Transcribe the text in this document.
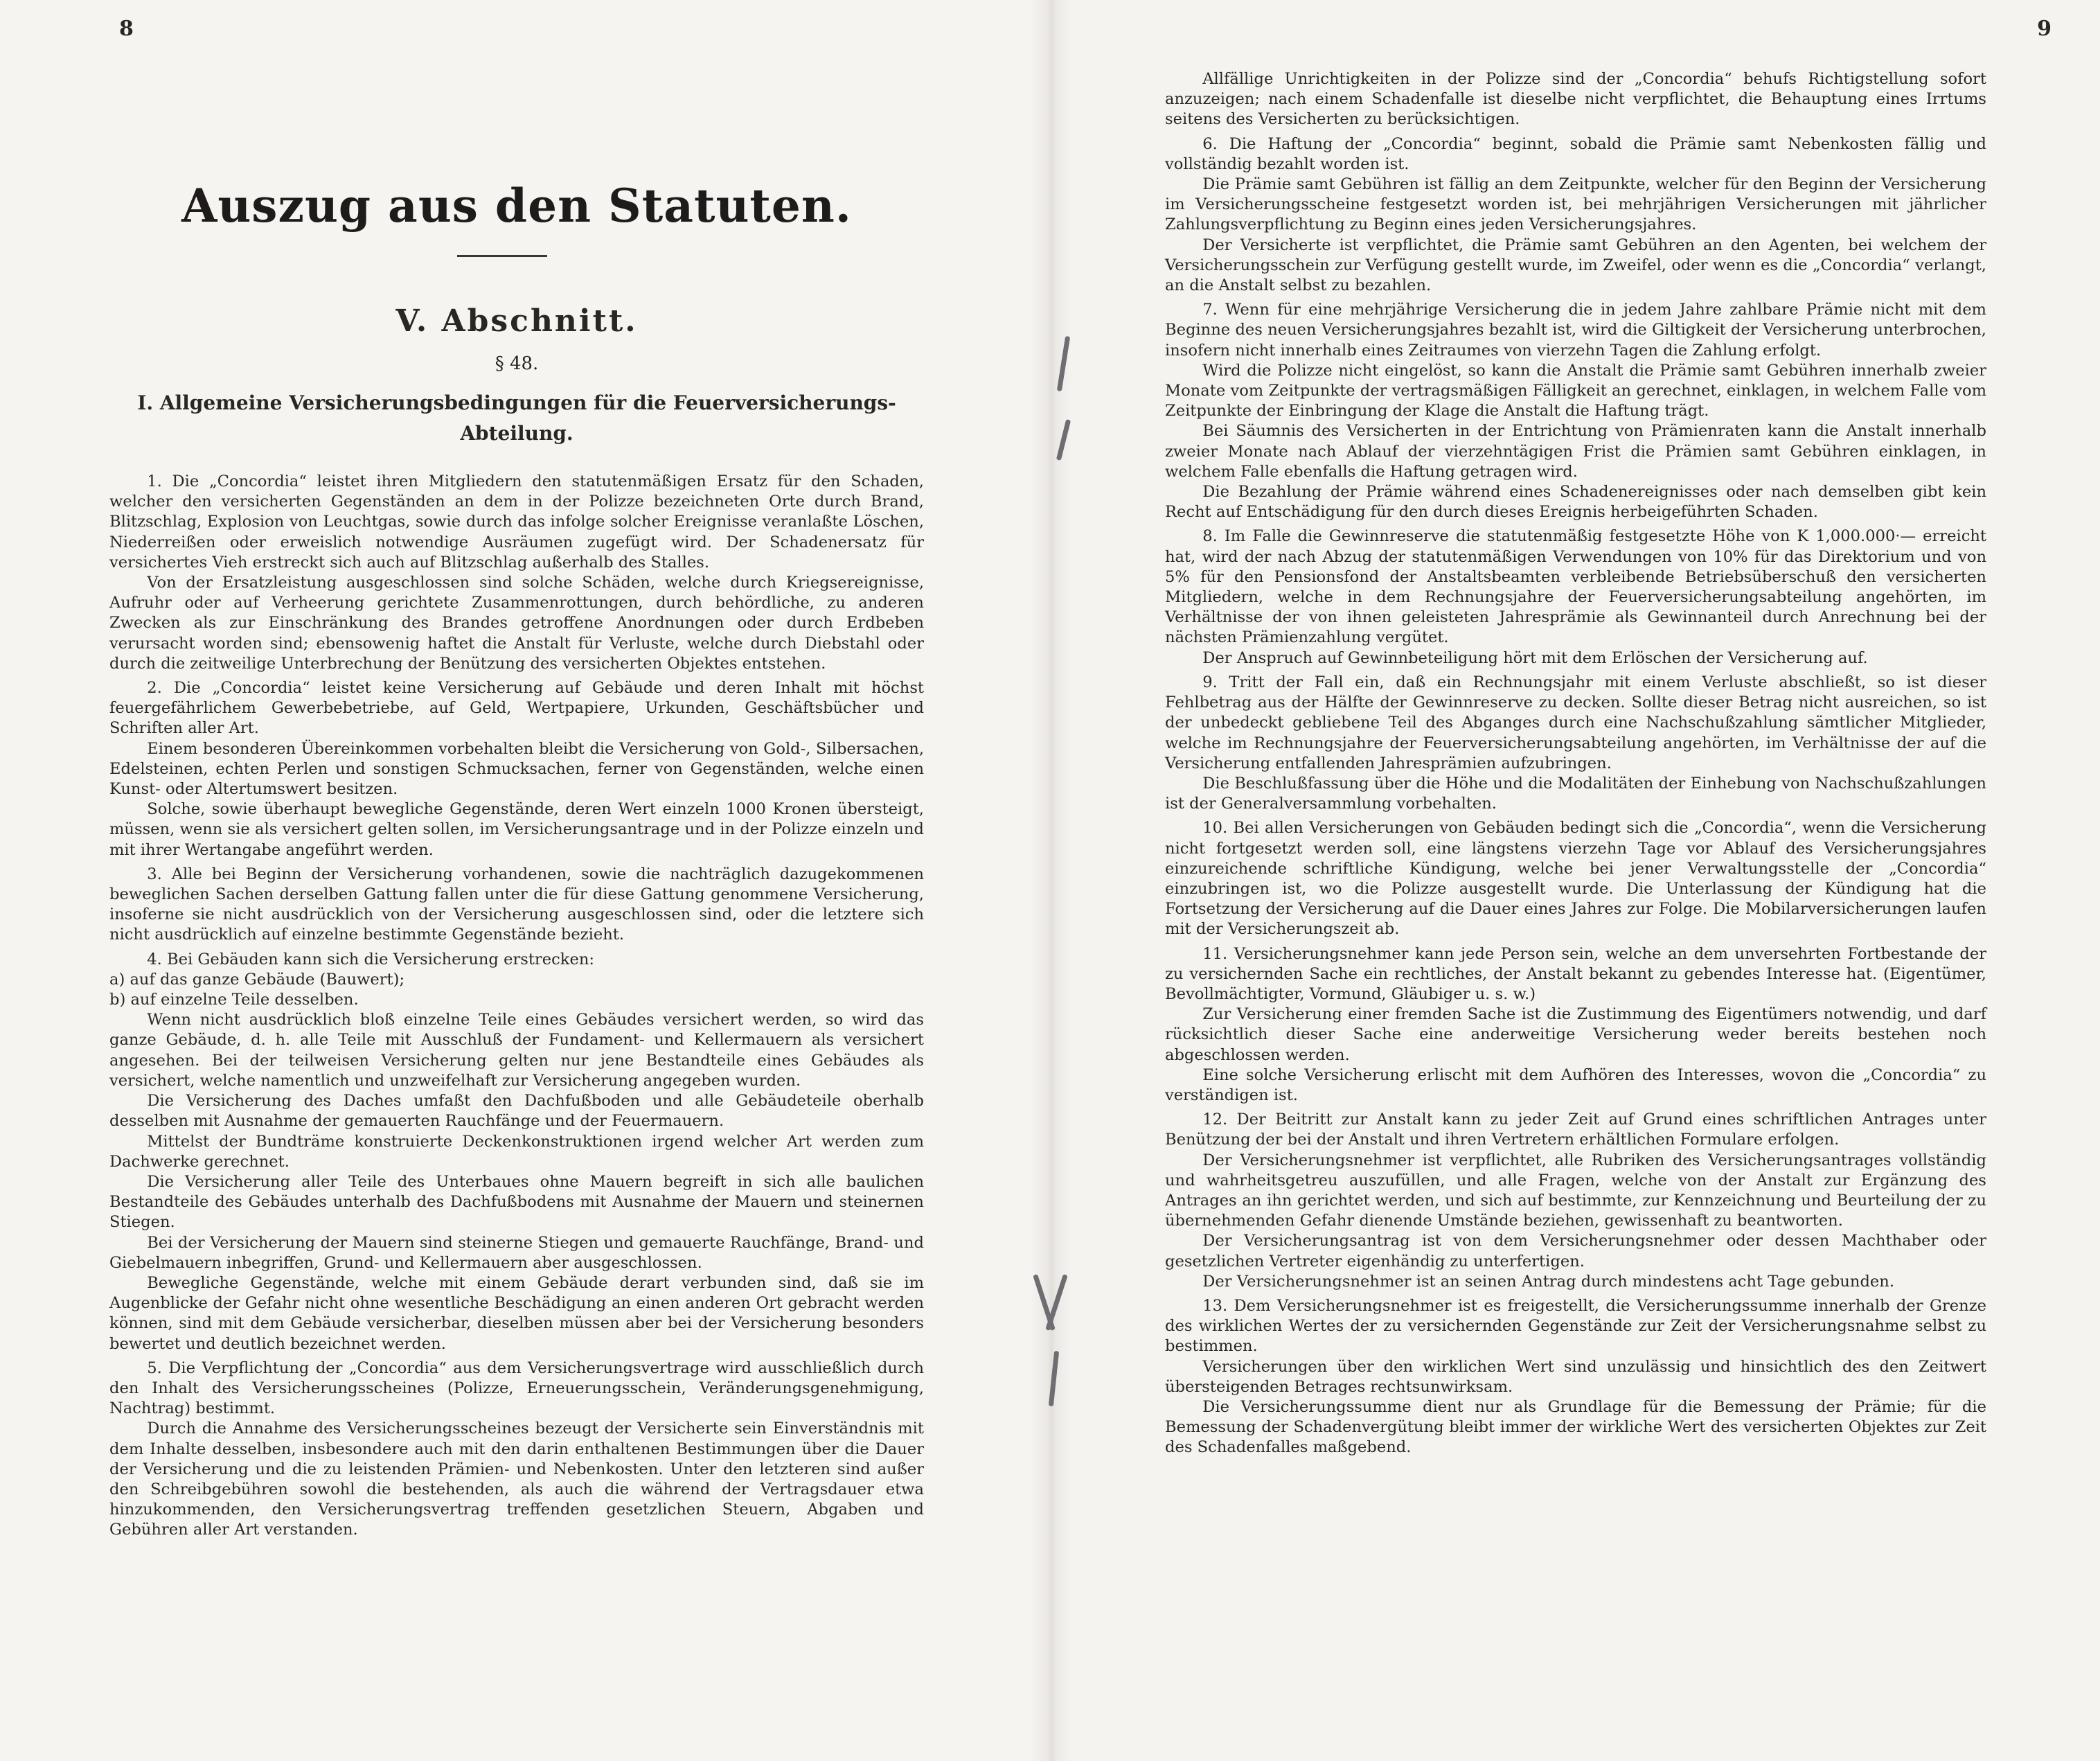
8
Auszug aus den Statuten.
V. Abschnitt.
§ 48.
I. Allgemeine Versicherungsbedingungen für die Feuerversicherungs-Abteilung.

1. Die „Concordia“ leistet ihren Mitgliedern den statutenmäßigen Ersatz für den Schaden, welcher den versicherten Gegenständen an dem in der Polizze bezeichneten Orte durch Brand, Blitzschlag, Explosion von Leuchtgas, sowie durch das infolge solcher Ereignisse veranlaßte Löschen, Niederreißen oder erweislich notwendige Ausräumen zugefügt wird. Der Schadenersatz für versichertes Vieh erstreckt sich auch auf Blitzschlag außerhalb des Stalles.

Von der Ersatzleistung ausgeschlossen sind solche Schäden, welche durch Kriegsereignisse, Aufruhr oder auf Verheerung gerichtete Zusammenrottungen, durch behördliche, zu anderen Zwecken als zur Einschränkung des Brandes getroffene Anordnungen oder durch Erdbeben verursacht worden sind; ebensowenig haftet die Anstalt für Verluste, welche durch Diebstahl oder durch die zeitweilige Unterbrechung der Benützung des versicherten Objektes entstehen.

2. Die „Concordia“ leistet keine Versicherung auf Gebäude und deren Inhalt mit höchst feuergefährlichem Gewerbebetriebe, auf Geld, Wertpapiere, Urkunden, Geschäftsbücher und Schriften aller Art.

Einem besonderen Übereinkommen vorbehalten bleibt die Versicherung von Gold-, Silbersachen, Edelsteinen, echten Perlen und sonstigen Schmucksachen, ferner von Gegenständen, welche einen Kunst- oder Altertumswert besitzen.

Solche, sowie überhaupt bewegliche Gegenstände, deren Wert einzeln 1000 Kronen übersteigt, müssen, wenn sie als versichert gelten sollen, im Versicherungsantrage und in der Polizze einzeln und mit ihrer Wertangabe angeführt werden.

3. Alle bei Beginn der Versicherung vorhandenen, sowie die nachträglich dazugekommenen beweglichen Sachen derselben Gattung fallen unter die für diese Gattung genommene Versicherung, insoferne sie nicht ausdrücklich von der Versicherung ausgeschlossen sind, oder die letztere sich nicht ausdrücklich auf einzelne bestimmte Gegenstände bezieht.

4. Bei Gebäuden kann sich die Versicherung erstrecken:

a) auf das ganze Gebäude (Bauwert);

b) auf einzelne Teile desselben.

Wenn nicht ausdrücklich bloß einzelne Teile eines Gebäudes versichert werden, so wird das ganze Gebäude, d. h. alle Teile mit Ausschluß der Fundament- und Kellermauern als versichert angesehen. Bei der teilweisen Versicherung gelten nur jene Bestandteile eines Gebäudes als versichert, welche namentlich und unzweifelhaft zur Versicherung angegeben wurden.

Die Versicherung des Daches umfaßt den Dachfußboden und alle Gebäudeteile oberhalb desselben mit Ausnahme der gemauerten Rauchfänge und der Feuermauern.

Mittelst der Bundträme konstruierte Deckenkonstruktionen irgend welcher Art werden zum Dachwerke gerechnet.

Die Versicherung aller Teile des Unterbaues ohne Mauern begreift in sich alle baulichen Bestandteile des Gebäudes unterhalb des Dachfußbodens mit Ausnahme der Mauern und steinernen Stiegen.

Bei der Versicherung der Mauern sind steinerne Stiegen und gemauerte Rauchfänge, Brand- und Giebelmauern inbegriffen, Grund- und Kellermauern aber ausgeschlossen.

Bewegliche Gegenstände, welche mit einem Gebäude derart verbunden sind, daß sie im Augenblicke der Gefahr nicht ohne wesentliche Beschädigung an einen anderen Ort gebracht werden können, sind mit dem Gebäude versicherbar, dieselben müssen aber bei der Versicherung besonders bewertet und deutlich bezeichnet werden.

5. Die Verpflichtung der „Concordia“ aus dem Versicherungsvertrage wird ausschließlich durch den Inhalt des Versicherungsscheines (Polizze, Erneuerungsschein, Veränderungsgenehmigung, Nachtrag) bestimmt.

Durch die Annahme des Versicherungsscheines bezeugt der Versicherte sein Einverständnis mit dem Inhalte desselben, insbesondere auch mit den darin enthaltenen Bestimmungen über die Dauer der Versicherung und die zu leistenden Prämien- und Nebenkosten. Unter den letzteren sind außer den Schreibgebühren sowohl die bestehenden, als auch die während der Vertragsdauer etwa hinzukommenden, den Versicherungsvertrag treffenden gesetzlichen Steuern, Abgaben und Gebühren aller Art verstanden.

9

Allfällige Unrichtigkeiten in der Polizze sind der „Concordia“ behufs Richtigstellung sofort anzuzeigen; nach einem Schadenfalle ist dieselbe nicht verpflichtet, die Behauptung eines Irrtums seitens des Versicherten zu berücksichtigen.

6. Die Haftung der „Concordia“ beginnt, sobald die Prämie samt Nebenkosten fällig und vollständig bezahlt worden ist.

Die Prämie samt Gebühren ist fällig an dem Zeitpunkte, welcher für den Beginn der Versicherung im Versicherungsscheine festgesetzt worden ist, bei mehrjährigen Versicherungen mit jährlicher Zahlungsverpflichtung zu Beginn eines jeden Versicherungsjahres.

Der Versicherte ist verpflichtet, die Prämie samt Gebühren an den Agenten, bei welchem der Versicherungsschein zur Verfügung gestellt wurde, im Zweifel, oder wenn es die „Concordia“ verlangt, an die Anstalt selbst zu bezahlen.

7. Wenn für eine mehrjährige Versicherung die in jedem Jahre zahlbare Prämie nicht mit dem Beginne des neuen Versicherungsjahres bezahlt ist, wird die Giltigkeit der Versicherung unterbrochen, insofern nicht innerhalb eines Zeitraumes von vierzehn Tagen die Zahlung erfolgt.

Wird die Polizze nicht eingelöst, so kann die Anstalt die Prämie samt Gebühren innerhalb zweier Monate vom Zeitpunkte der vertragsmäßigen Fälligkeit an gerechnet, einklagen, in welchem Falle vom Zeitpunkte der Einbringung der Klage die Anstalt die Haftung trägt.

Bei Säumnis des Versicherten in der Entrichtung von Prämienraten kann die Anstalt innerhalb zweier Monate nach Ablauf der vierzehntägigen Frist die Prämien samt Gebühren einklagen, in welchem Falle ebenfalls die Haftung getragen wird.

Die Bezahlung der Prämie während eines Schadenereignisses oder nach demselben gibt kein Recht auf Entschädigung für den durch dieses Ereignis herbeigeführten Schaden.

8. Im Falle die Gewinnreserve die statutenmäßig festgesetzte Höhe von K 1,000.000·— erreicht hat, wird der nach Abzug der statutenmäßigen Verwendungen von 10% für das Direktorium und von 5% für den Pensionsfond der Anstaltsbeamten verbleibende Betriebsüberschuß den versicherten Mitgliedern, welche in dem Rechnungsjahre der Feuerversicherungsabteilung angehörten, im Verhältnisse der von ihnen geleisteten Jahresprämie als Gewinnanteil durch Anrechnung bei der nächsten Prämienzahlung vergütet.

Der Anspruch auf Gewinnbeteiligung hört mit dem Erlöschen der Versicherung auf.

9. Tritt der Fall ein, daß ein Rechnungsjahr mit einem Verluste abschließt, so ist dieser Fehlbetrag aus der Hälfte der Gewinnreserve zu decken. Sollte dieser Betrag nicht ausreichen, so ist der unbedeckt gebliebene Teil des Abganges durch eine Nachschußzahlung sämtlicher Mitglieder, welche im Rechnungsjahre der Feuerversicherungsabteilung angehörten, im Verhältnisse der auf die Versicherung entfallenden Jahresprämien aufzubringen.

Die Beschlußfassung über die Höhe und die Modalitäten der Einhebung von Nachschußzahlungen ist der Generalversammlung vorbehalten.

10. Bei allen Versicherungen von Gebäuden bedingt sich die „Concordia“, wenn die Versicherung nicht fortgesetzt werden soll, eine längstens vierzehn Tage vor Ablauf des Versicherungsjahres einzureichende schriftliche Kündigung, welche bei jener Verwaltungsstelle der „Concordia“ einzubringen ist, wo die Polizze ausgestellt wurde. Die Unterlassung der Kündigung hat die Fortsetzung der Versicherung auf die Dauer eines Jahres zur Folge. Die Mobilarversicherungen laufen mit der Versicherungszeit ab.

11. Versicherungsnehmer kann jede Person sein, welche an dem unversehrten Fortbestande der zu versichernden Sache ein rechtliches, der Anstalt bekannt zu gebendes Interesse hat. (Eigentümer, Bevollmächtigter, Vormund, Gläubiger u. s. w.)

Zur Versicherung einer fremden Sache ist die Zustimmung des Eigentümers notwendig, und darf rücksichtlich dieser Sache eine anderweitige Versicherung weder bereits bestehen noch abgeschlossen werden.

Eine solche Versicherung erlischt mit dem Aufhören des Interesses, wovon die „Concordia“ zu verständigen ist.

12. Der Beitritt zur Anstalt kann zu jeder Zeit auf Grund eines schriftlichen Antrages unter Benützung der bei der Anstalt und ihren Vertretern erhältlichen Formulare erfolgen.

Der Versicherungsnehmer ist verpflichtet, alle Rubriken des Versicherungsantrages vollständig und wahrheitsgetreu auszufüllen, und alle Fragen, welche von der Anstalt zur Ergänzung des Antrages an ihn gerichtet werden, und sich auf bestimmte, zur Kennzeichnung und Beurteilung der zu übernehmenden Gefahr dienende Umstände beziehen, gewissenhaft zu beantworten.

Der Versicherungsantrag ist von dem Versicherungsnehmer oder dessen Machthaber oder gesetzlichen Vertreter eigenhändig zu unterfertigen.

Der Versicherungsnehmer ist an seinen Antrag durch mindestens acht Tage gebunden.

13. Dem Versicherungsnehmer ist es freigestellt, die Versicherungssumme innerhalb der Grenze des wirklichen Wertes der zu versichernden Gegenstände zur Zeit der Versicherungsnahme selbst zu bestimmen.

Versicherungen über den wirklichen Wert sind unzulässig und hinsichtlich des den Zeitwert übersteigenden Betrages rechtsunwirksam.

Die Versicherungssumme dient nur als Grundlage für die Bemessung der Prämie; für die Bemessung der Schadenvergütung bleibt immer der wirkliche Wert des versicherten Objektes zur Zeit des Schadenfalles maßgebend.
